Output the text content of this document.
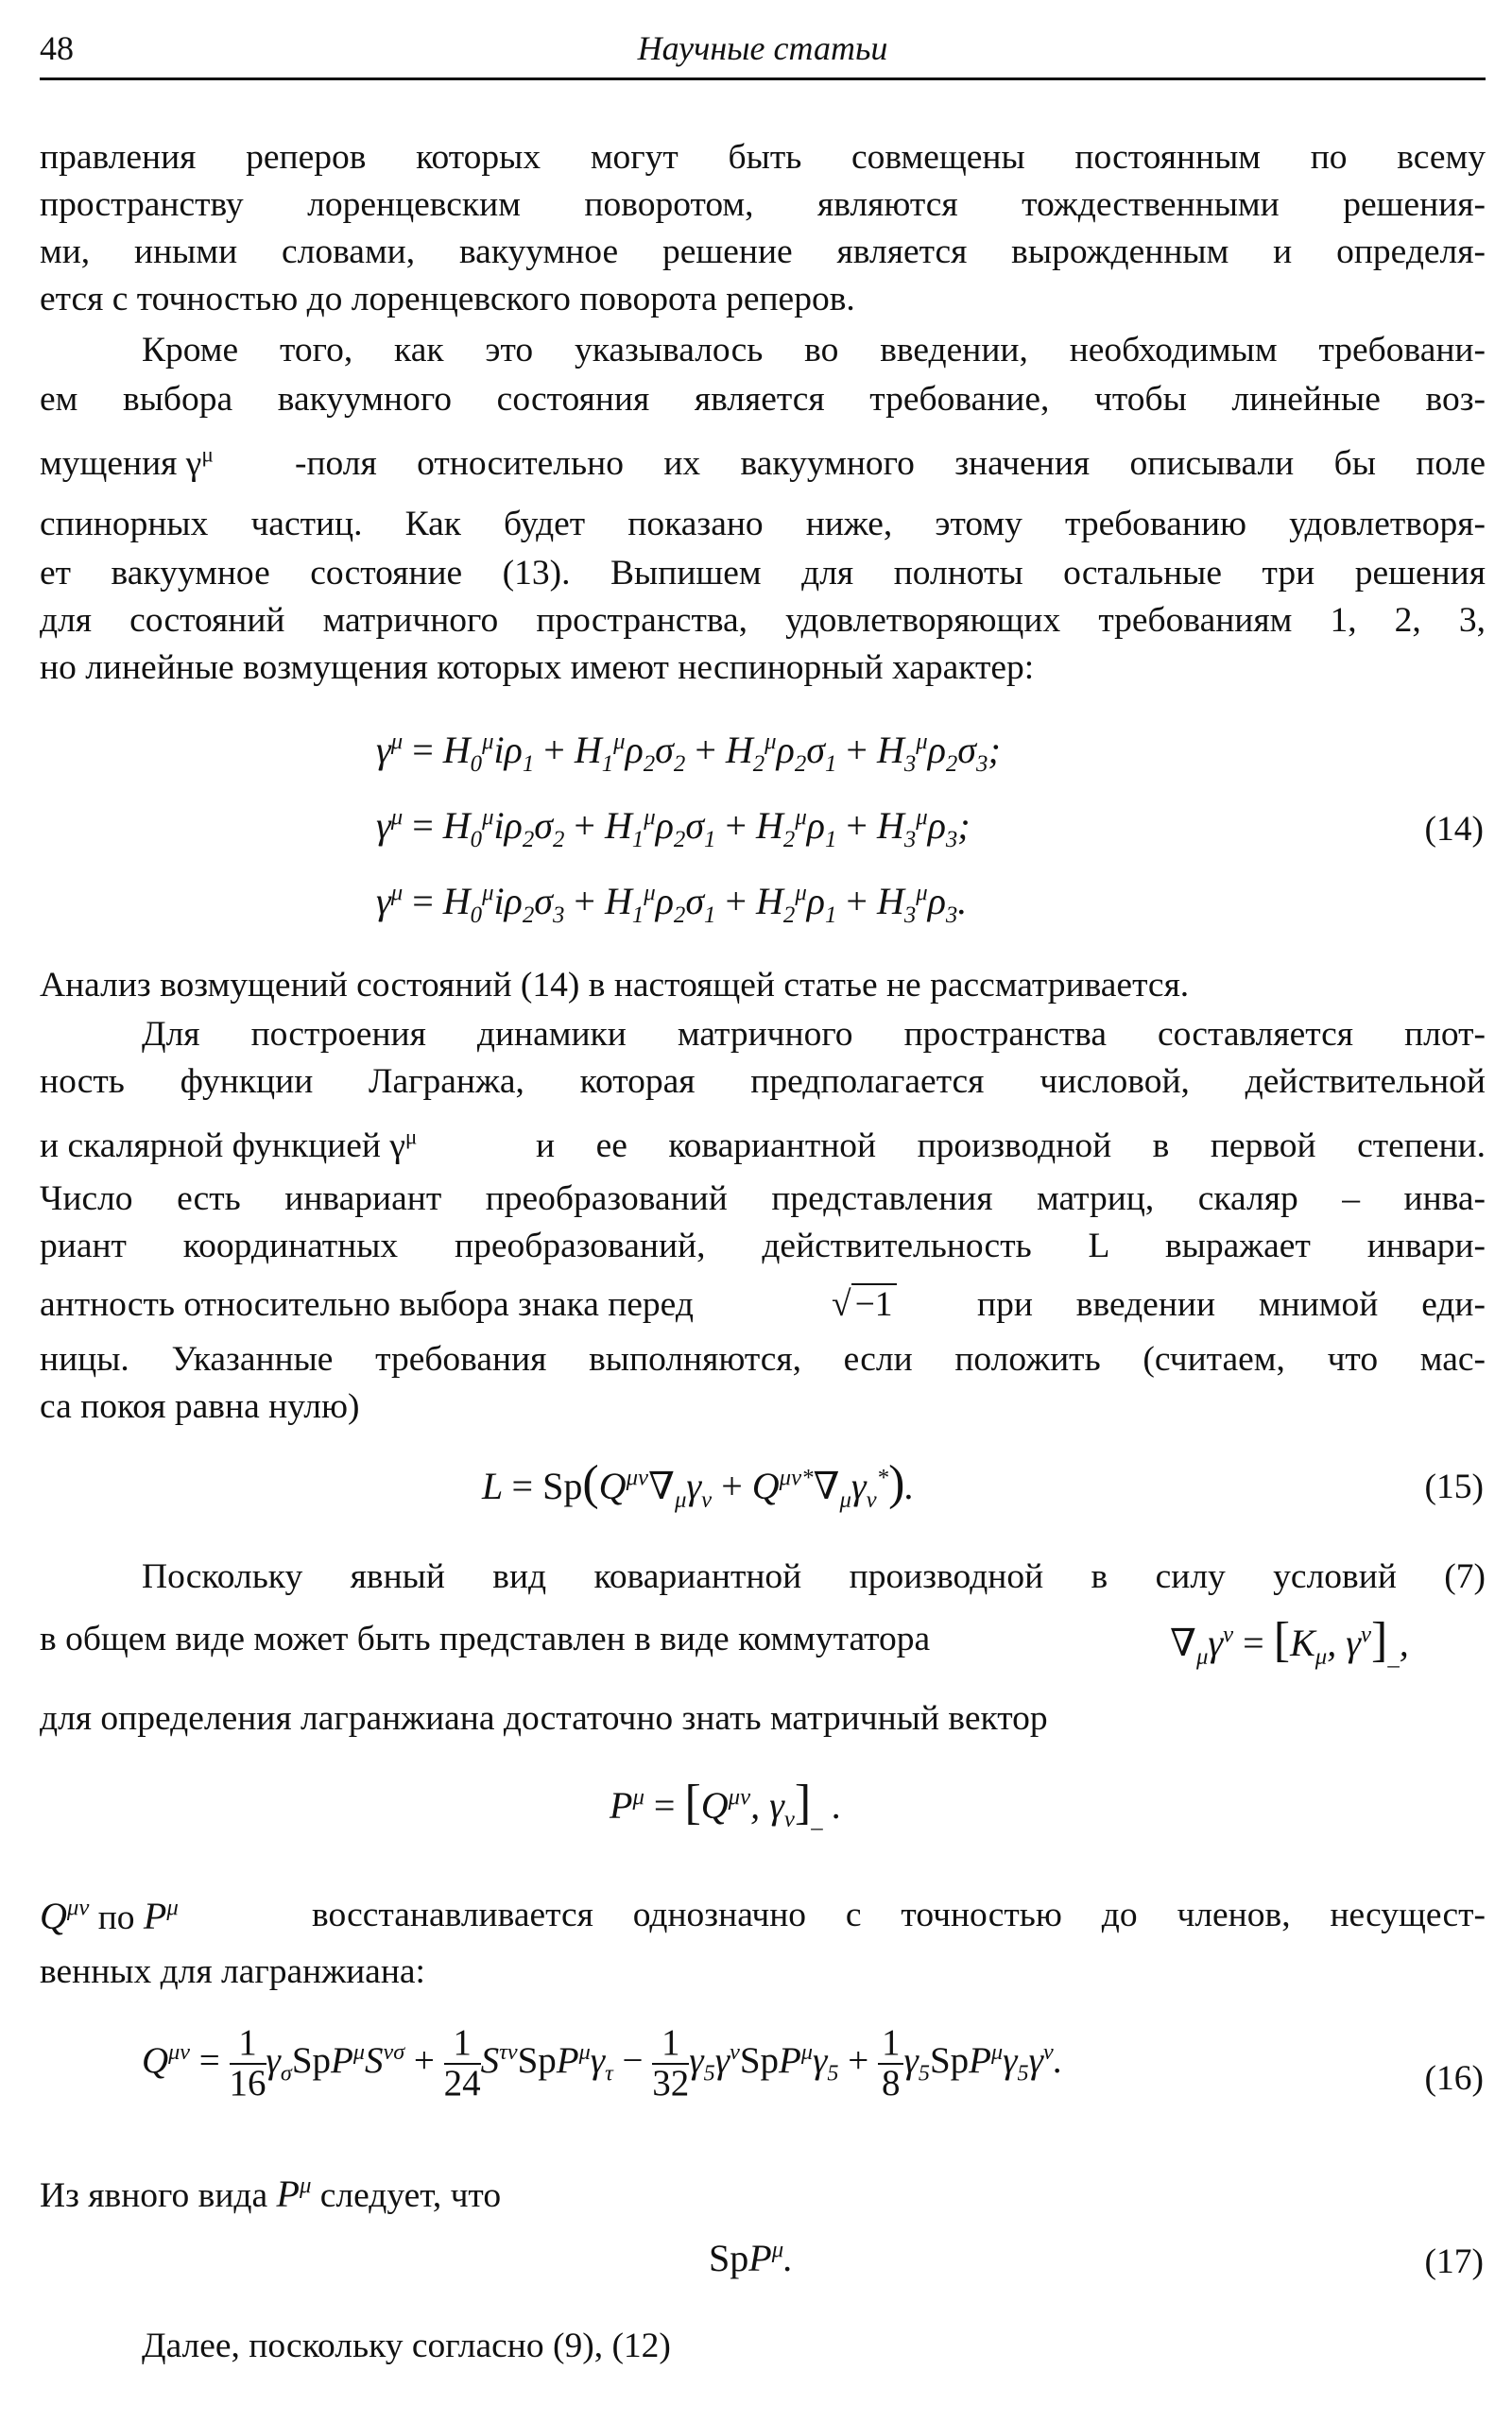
48	Научные статьи
правления реперов которых могут быть совмещены постоянным по всему
пространству лоренцевским поворотом, являются тождественными решения-
ми, иными словами, вакуумное решение является вырожденным и определя-
ется с точностью до лоренцевского поворота реперов.
Кроме того, как это указывалось во введении, необходимым требовани-
ем выбора вакуумного состояния является требование, чтобы линейные воз-
мущения $\gamma^\mu$ -поля относительно их вакуумного значения описывали бы поле
спинорных частиц. Как будет показано ниже, этому требованию удовлетворя-
ет вакуумное состояние (13). Выпишем для полноты остальные три решения
для состояний матричного пространства, удовлетворяющих требованиям 1, 2, 3,
но линейные возмущения которых имеют неспинорный характер:
$\gamma^\mu = H_0^\mu i\rho_1 + H_1^\mu\rho_2\sigma_2 + H_2^\mu\rho_2\sigma_1 + H_3^\mu\rho_2\sigma_3$;
$\gamma^\mu = H_0^\mu i\rho_2\sigma_2 + H_1^\mu\rho_2\sigma_1 + H_2^\mu\rho_1 + H_3^\mu\rho_3$;	(14)
$\gamma^\mu = H_0^\mu i\rho_2\sigma_3 + H_1^\mu\rho_2\sigma_1 + H_2^\mu\rho_1 + H_3^\mu\rho_3$.
Анализ возмущений состояний (14) в настоящей статье не рассматривается.
Для построения динамики матричного пространства составляется плот-
ность функции Лагранжа, которая предполагается числовой, действительной
и скалярной функцией $\gamma^\mu$	и ее ковариантной производной в первой степени.
Число есть инвариант преобразований представления матриц, скаляр – инва-
риант координатных преобразований, действительность L выражает инвари-
антность относительно выбора знака перед	√ −1 при введении мнимой еди-
ницы. Указанные требования выполняются, если положить (считаем, что мас-
са покоя равна нулю)
$L = Sp(Q^{\mu\nu}\nabla_\mu\gamma_\nu + Q^{\mu\nu*}\nabla_\mu\gamma_\nu^*)$.	(15)
Поскольку явный вид ковариантной производной в силу условий (7)
в общем виде может быть представлен в виде коммутатора	$\nabla_\mu\gamma^\nu = [K_\mu$, $\gamma^\nu]_{\_}$,
для определения лагранжиана достаточно знать матричный вектор
$P^\mu = [Q^{\mu\nu}$, $\gamma_\nu]_{\_}$ .
$Q^{\mu\nu}$ по $P^\mu$	восстанавливается однозначно с точностью до членов, несущест-
венных для лагранжиана:
$Q^{\mu\nu} = \frac{1}{16} \gamma_\sigma SpP^\mu S^{\nu\sigma} + \frac{1}{24} S^{\tau\nu}SpP^\mu\gamma_\tau - \frac{1}{32} \gamma_5\gamma^\nu SpP^\mu\gamma_5 + \frac{1}{8} \gamma_5SpP^\mu\gamma_5\gamma^\nu$.	(16)
Из явного вида $P^\mu$ следует, что
SpP$^\mu$.	(17)
Далее, поскольку согласно (9), (12)
